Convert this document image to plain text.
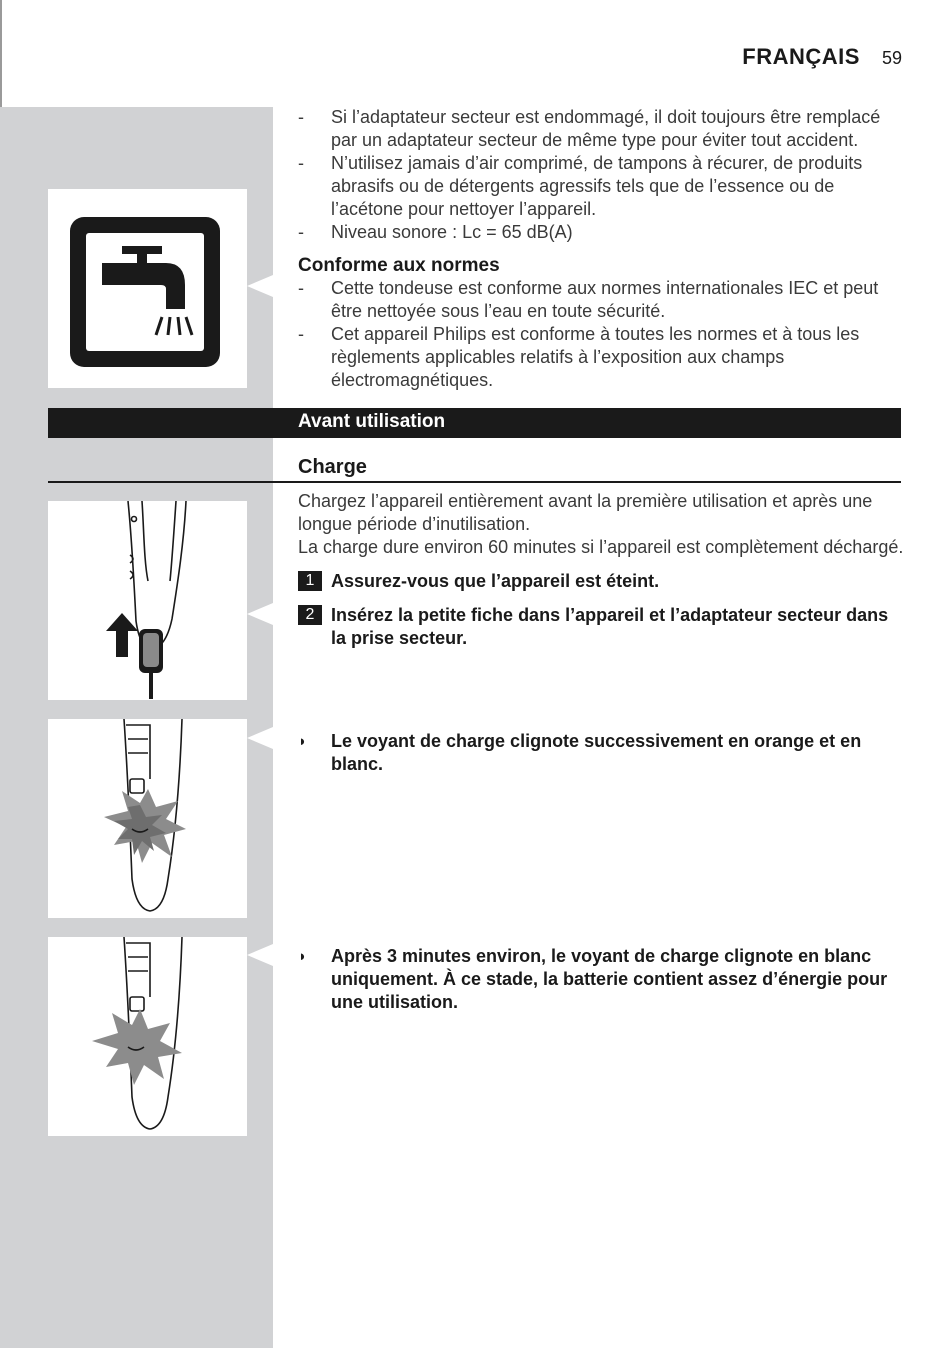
FRANÇAIS 59
- Si l’adaptateur secteur est endommagé, il doit toujours être remplacé par un adaptateur secteur de même type pour éviter tout accident.
- N’utilisez jamais d’air comprimé, de tampons à récurer, de produits abrasifs ou de détergents agressifs tels que de l’essence ou de l’acétone pour nettoyer l’appareil.
- Niveau sonore : Lc = 65 dB(A)
Conforme aux normes
- Cette tondeuse est conforme aux normes internationales IEC et peut être nettoyée sous l’eau en toute sécurité.
- Cet appareil Philips est conforme à toutes les normes et à tous les règlements applicables relatifs à l’exposition aux champs électromagnétiques.
Avant utilisation
Charge
Chargez l’appareil entièrement avant la première utilisation et après une longue période d’inutilisation.
La charge dure environ 60 minutes si l’appareil est complètement déchargé.
1 Assurez-vous que l’appareil est éteint.
2 Insérez la petite fiche dans l’appareil et l’adaptateur secteur dans la prise secteur.
◗ Le voyant de charge clignote successivement en orange et en blanc.
◗ Après 3 minutes environ, le voyant de charge clignote en blanc uniquement. À ce stade, la batterie contient assez d’énergie pour une utilisation.
